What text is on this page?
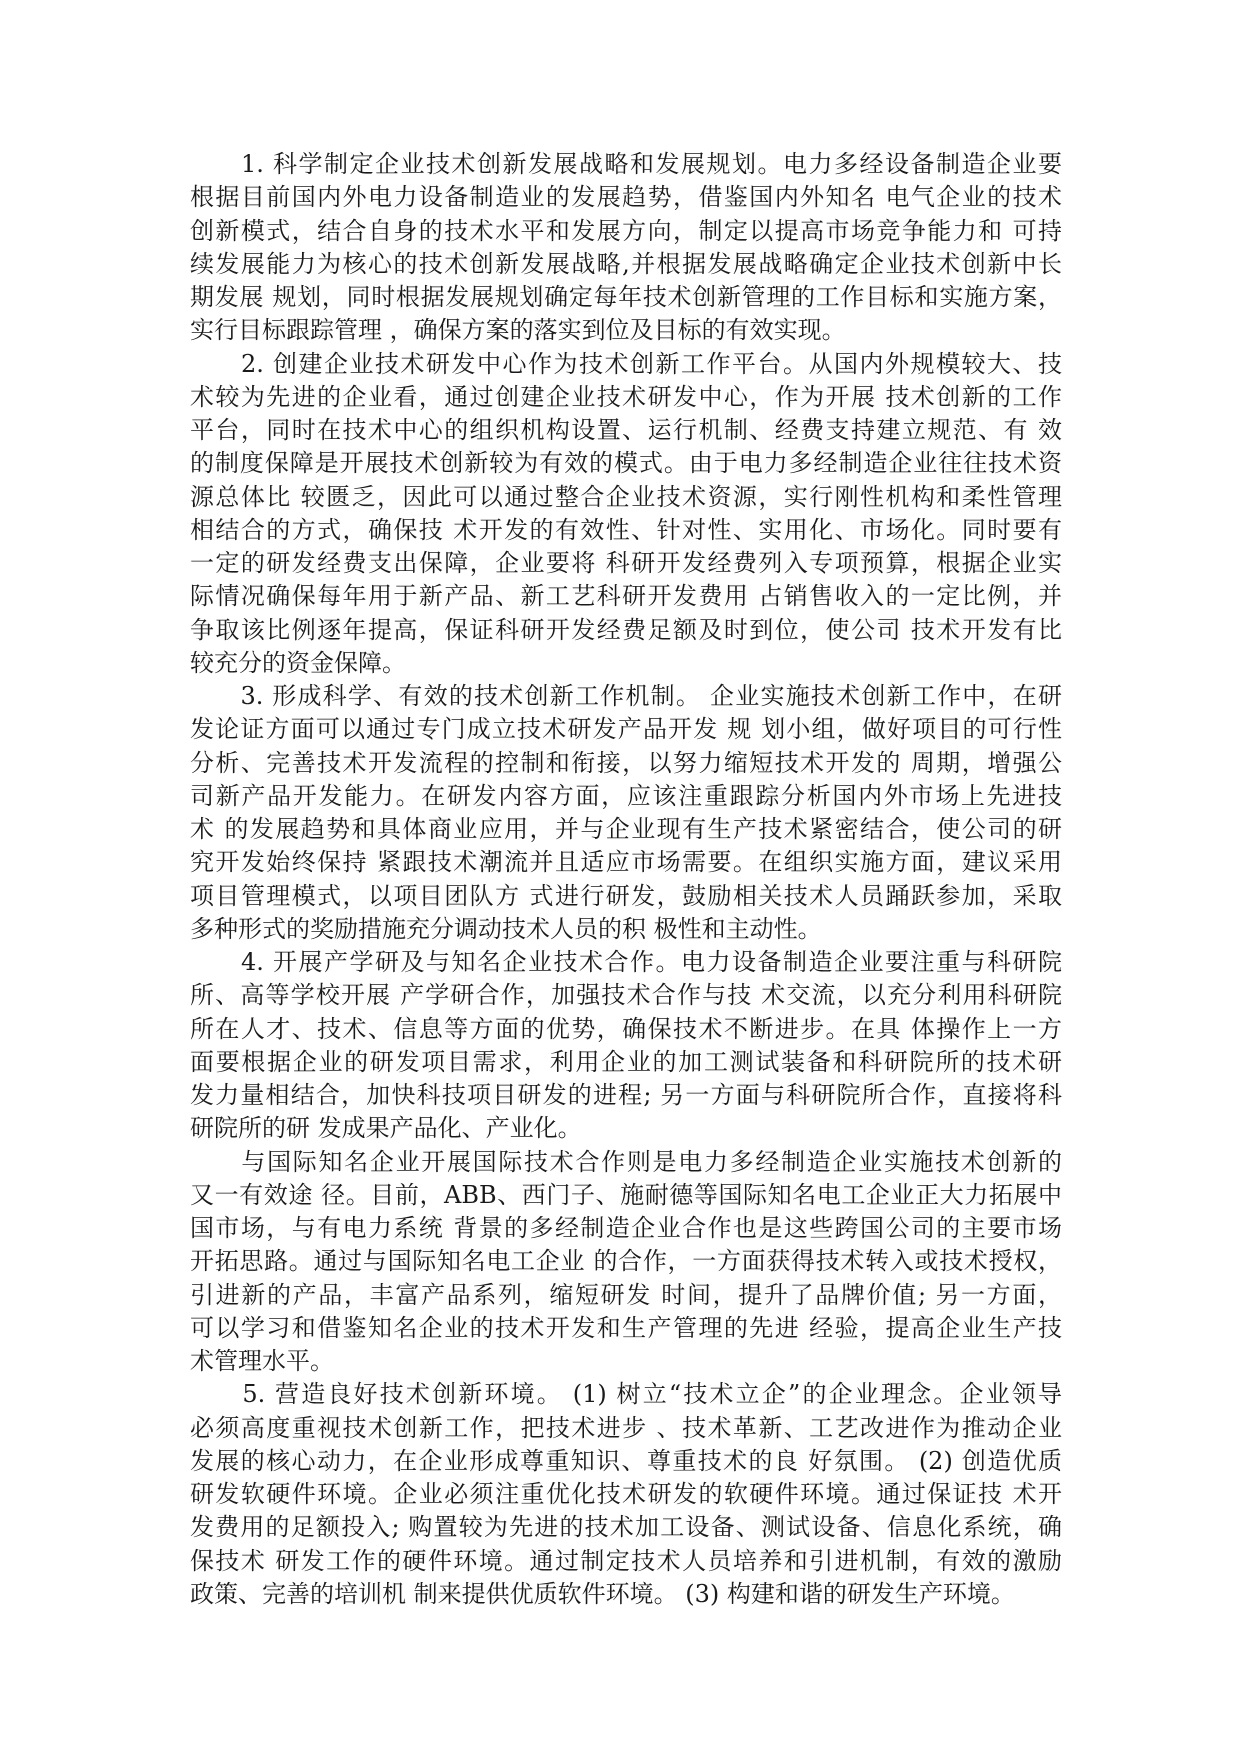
　　1. 科学制定企业技术创新发展战略和发展规划。电力多经设备制造企业要
根据目前国内外电力设备制造业的发展趋势，借鉴国内外知名 电气企业的技术
创新模式，结合自身的技术水平和发展方向，制定以提高市场竞争能力和 可持
续发展能力为核心的技术创新发展战略,并根据发展战略确定企业技术创新中长
期发展 规划，同时根据发展规划确定每年技术创新管理的工作目标和实施方案，
实行目标跟踪管理 ，确保方案的落实到位及目标的有效实现。
　　2. 创建企业技术研发中心作为技术创新工作平台。从国内外规模较大、技
术较为先进的企业看，通过创建企业技术研发中心，作为开展 技术创新的工作
平台，同时在技术中心的组织机构设置、运行机制、经费支持建立规范、有 效
的制度保障是开展技术创新较为有效的模式。由于电力多经制造企业往往技术资
源总体比 较匮乏，因此可以通过整合企业技术资源，实行刚性机构和柔性管理
相结合的方式，确保技 术开发的有效性、针对性、实用化、市场化。同时要有
一定的研发经费支出保障，企业要将 科研开发经费列入专项预算，根据企业实
际情况确保每年用于新产品、新工艺科研开发费用 占销售收入的一定比例，并
争取该比例逐年提高，保证科研开发经费足额及时到位，使公司 技术开发有比
较充分的资金保障。
　　3. 形成科学、有效的技术创新工作机制。 企业实施技术创新工作中，在研
发论证方面可以通过专门成立技术研发产品开发 规 划小组，做好项目的可行性
分析、完善技术开发流程的控制和衔接，以努力缩短技术开发的 周期，增强公
司新产品开发能力。在研发内容方面，应该注重跟踪分析国内外市场上先进技
术 的发展趋势和具体商业应用，并与企业现有生产技术紧密结合，使公司的研
究开发始终保持 紧跟技术潮流并且适应市场需要。在组织实施方面，建议采用
项目管理模式，以项目团队方 式进行研发，鼓励相关技术人员踊跃参加，采取
多种形式的奖励措施充分调动技术人员的积 极性和主动性。
　　4. 开展产学研及与知名企业技术合作。电力设备制造企业要注重与科研院
所、高等学校开展 产学研合作，加强技术合作与技 术交流，以充分利用科研院
所在人才、技术、信息等方面的优势，确保技术不断进步。在具 体操作上一方
面要根据企业的研发项目需求，利用企业的加工测试装备和科研院所的技术研
发力量相结合，加快科技项目研发的进程; 另一方面与科研院所合作，直接将科
研院所的研 发成果产品化、产业化。
　　与国际知名企业开展国际技术合作则是电力多经制造企业实施技术创新的
又一有效途 径。目前，ABB、西门子、施耐德等国际知名电工企业正大力拓展中
国市场，与有电力系统 背景的多经制造企业合作也是这些跨国公司的主要市场
开拓思路。通过与国际知名电工企业 的合作，一方面获得技术转入或技术授权，
引进新的产品，丰富产品系列，缩短研发 时间，提升了品牌价值; 另一方面，
可以学习和借鉴知名企业的技术开发和生产管理的先进 经验，提高企业生产技
术管理水平。
　　5. 营造良好技术创新环境。 (1) 树立“技术立企”的企业理念。企业领导
必须高度重视技术创新工作，把技术进步 、技术革新、工艺改进作为推动企业
发展的核心动力，在企业形成尊重知识、尊重技术的良 好氛围。 (2) 创造优质
研发软硬件环境。企业必须注重优化技术研发的软硬件环境。通过保证技 术开
发费用的足额投入; 购置较为先进的技术加工设备、测试设备、信息化系统，确
保技术 研发工作的硬件环境。通过制定技术人员培养和引进机制，有效的激励
政策、完善的培训机 制来提供优质软件环境。 (3) 构建和谐的研发生产环境。
